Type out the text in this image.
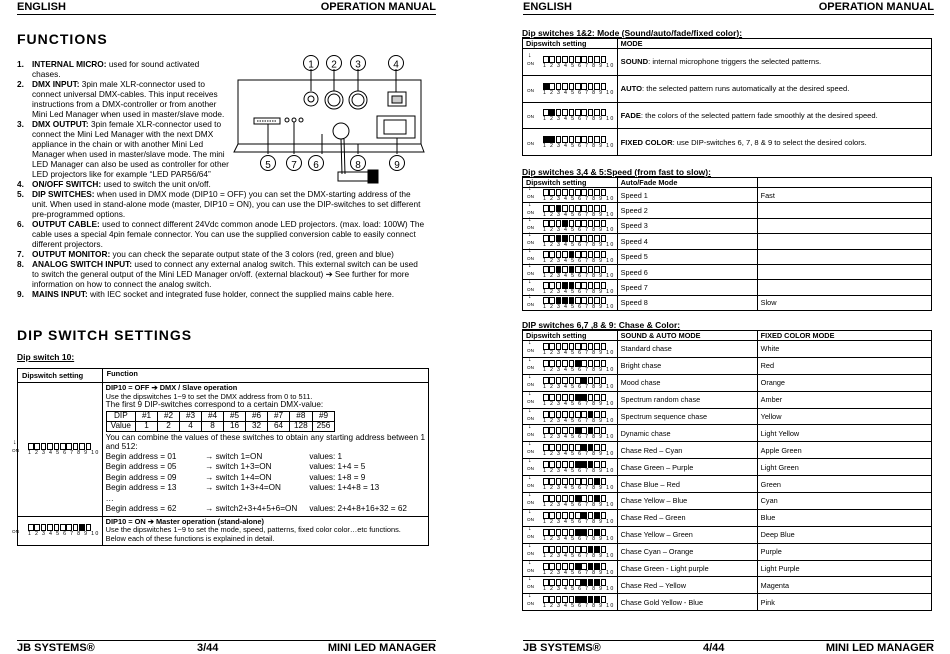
ENGLISH	OPERATION MANUAL
FUNCTIONS
1. INTERNAL MICRO: used for sound activated chases.
2. DMX INPUT: 3pin male XLR-connector used to connect universal DMX-cables. This input receives instructions from a DMX-controller or from another Mini Led Manager when used in master/slave mode.
3. DMX OUTPUT: 3pin female XLR-connector used to connect the Mini Led Manager with the next DMX appliance in the chain or with another Mini Led Manager when used in master/slave mode. The mini LED Manager can also be used as controller for other LED projectors like for example “LED PAR56/64”
4. ON/OFF SWITCH: used to switch the unit on/off.
5. DIP SWITCHES: when used in DMX mode (DIP10 = OFF) you can set the DMX-starting address of the unit. When used in stand-alone mode (master, DIP10 = ON), you can use the DIP-switches to set different pre-programmed options.
6. OUTPUT CABLE: used to connect different 24Vdc common anode LED projectors. (max. load: 100W) The cable uses a special 4pin female connector. You can use the supplied conversion cable to easily connect different projectors.
7. OUTPUT MONITOR: you can check the separate output state of the 3 colors (red, green and blue)
8. ANALOG SWITCH INPUT: used to connect any external analog switch. This external switch can be used to switch the general output of the Mini LED Manager on/off. (external blackout) ➔ See further for more information on how to connect the analog switch.
9. MAINS INPUT: with IEC socket and integrated fuse holder, connect the supplied mains cable here.
1 2 3	4
5 7 6	8	9
DIP SWITCH SETTINGS
Dip switch 10:
Dipswitch setting	Function

↓
ON 1 2 3 4 5 6 7 8 9 10

DIP10 = OFF ➔ DMX / Slave operation
Use the dipswitches 1~9 to set the DMX address from 0 to 511.
The first 9 DIP-switches correspond to a certain DMX-value:
DIP	#1	#2	#3	#4	#5	#6	#7	#8	#9
Value	1	2	4	8	16	32	64	128	256
You can combine the values of these switches to obtain any starting address between 1 and 512:
Begin address = 01	→ switch 1=ON	values: 1
Begin address = 05	→ switch 1+3=ON	values: 1+4 = 5
Begin address = 09	→ switch 1+4=ON	values: 1+8 = 9
Begin address = 13	→ switch 1+3+4=ON	values: 1+4+8 = 13
…		
Begin address = 62	→ switch2+3+4+5+6=ON	values: 2+4+8+16+32 = 62

ON 1 2 3 4 5 6 7 8 9 10

DIP10 = ON ➔ Master operation (stand-alone)
Use the dipswitches 1~9 to set the mode, speed, patterns, fixed color color…etc functions.
Below each of these functions is explained in detail.
JB SYSTEMS®	3/44	MINI LED MANAGER
ENGLISH	OPERATION MANUAL
Dip switches 1&2: Mode (Sound/auto/fade/fixed color):
Dipswitch setting	MODE

↓
ON 1 2 3 4 5 6 7 8 9 10	SOUND: internal microphone triggers the selected patterns.

ON 1 2 3 4 5 6 7 8 9 10	AUTO: the selected pattern runs automatically at the desired speed.

ON 1 2 3 4 5 6 7 8 9 10	FADE: the colors of the selected pattern fade smoothly at the desired speed.

ON 1 2 3 4 5 6 7 8 9 10	FIXED COLOR: use DIP-switches 6, 7, 8 & 9 to select the desired colors.
Dip switches 3,4 & 5:Speed (from fast to slow):
Dipswitch setting	Auto/Fade Mode	

↓
ON 1 2 3 4 5 6 7 8 9 10	Speed 1	Fast

↓
ON 1 2 3 4 5 6 7 8 9 10	Speed 2	

↓
ON 1 2 3 4 5 6 7 8 9 10	Speed 3	

↓
ON 1 2 3 4 5 6 7 8 9 10	Speed 4	

↓
ON 1 2 3 4 5 6 7 8 9 10	Speed 5	

↓
ON 1 2 3 4 5 6 7 8 9 10	Speed 6	

↓
ON 1 2 3 4 5 6 7 8 9 10	Speed 7	

↓
ON 1 2 3 4 5 6 7 8 9 10	Speed 8	Slow
DIP switches 6,7 ,8 & 9: Chase & Color:
Dipswitch setting	SOUND & AUTO MODE	FIXED COLOR MODE

↓
ON 1 2 3 4 5 6 7 8 9 10	Standard chase	White

↓
ON 1 2 3 4 5 6 7 8 9 10	Bright chase	Red

↓
ON 1 2 3 4 5 6 7 8 9 10	Mood chase	Orange

↓
ON 1 2 3 4 5 6 7 8 9 10	Spectrum random chase	Amber

↓
ON 1 2 3 4 5 6 7 8 9 10	Spectrum sequence chase	Yellow

↓
ON 1 2 3 4 5 6 7 8 9 10	Dynamic chase	Light Yellow

↓
ON 1 2 3 4 5 6 7 8 9 10	Chase Red – Cyan	Apple Green

↓
ON 1 2 3 4 5 6 7 8 9 10	Chase Green – Purple	Light Green

↓
ON 1 2 3 4 5 6 7 8 9 10	Chase Blue – Red	Green

↓
ON 1 2 3 4 5 6 7 8 9 10	Chase Yellow – Blue	Cyan

↓
ON 1 2 3 4 5 6 7 8 9 10	Chase Red – Green	Blue

↓
ON 1 2 3 4 5 6 7 8 9 10	Chase Yellow – Green	Deep Blue

↓
ON 1 2 3 4 5 6 7 8 9 10	Chase Cyan – Orange	Purple

↓
ON 1 2 3 4 5 6 7 8 9 10	Chase Green - Light purple	Light Purple

↓
ON 1 2 3 4 5 6 7 8 9 10	Chase Red – Yellow	Magenta

↓
ON 1 2 3 4 5 6 7 8 9 10	Chase Gold Yellow - Blue	Pink
JB SYSTEMS®	4/44	MINI LED MANAGER
